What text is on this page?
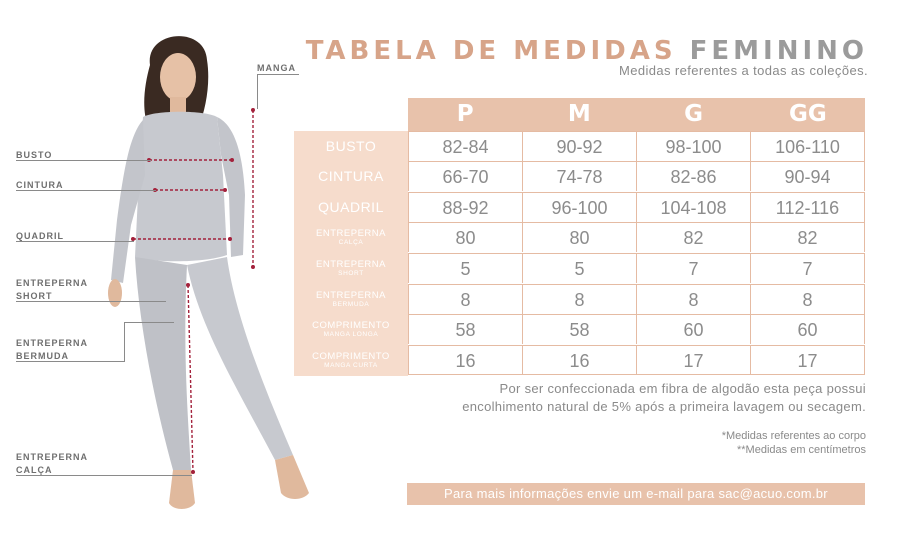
BUSTO
CINTURA
QUADRIL
ENTREPERNA
SHORT
ENTREPERNA
BERMUDA
ENTREPERNA
CALÇA
MANGA
TABELA DE MEDIDAS FEMININO
Medidas referentes a todas as coleções.
P	M	G	GG
BUSTO	82-84	90-92	98-100	106-110
CINTURA	66-70	74-78	82-86	90-94
QUADRIL	88-92	96-100	104-108	112-116
ENTREPERNA
CALÇA	80	80	82	82
ENTREPERNA
SHORT	5	5	7	7
ENTREPERNA
BERMUDA	8	8	8	8
COMPRIMENTO
MANGA LONGA	58	58	60	60
COMPRIMENTO
MANGA CURTA	16	16	17	17
Por ser confeccionada em fibra de algodão esta peça possui
encolhimento natural de 5% após a primeira lavagem ou secagem.
*Medidas referentes ao corpo
**Medidas em centímetros
Para mais informações envie um e-mail para sac@acuo.com.br
